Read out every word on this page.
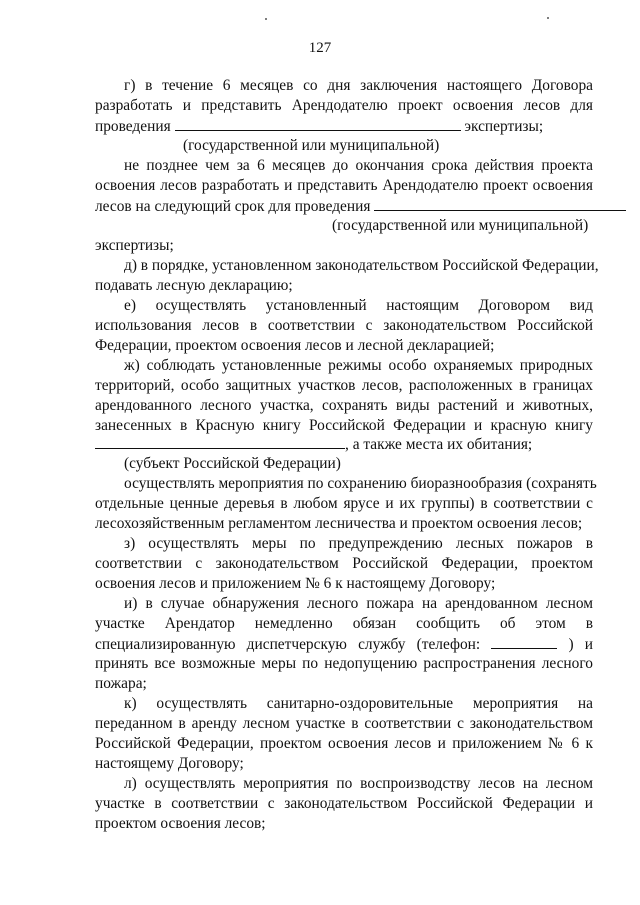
127
г) в течение 6 месяцев со дня заключения настоящего Договора
разработать и представить Арендодателю проект освоения лесов для
проведения	экспертизы;
(государственной или муниципальной)
не позднее чем за 6 месяцев до окончания срока действия проекта
освоения лесов разработать и представить Арендодателю проект освоения
лесов на следующий срок для проведения
(государственной или муниципальной)
экспертизы;
д) в порядке, установленном законодательством Российской Федерации,
подавать лесную декларацию;
е) осуществлять установленный настоящим Договором вид
использования лесов в соответствии с законодательством Российской
Федерации, проектом освоения лесов и лесной декларацией;
ж) соблюдать установленные режимы особо охраняемых природных
территорий, особо защитных участков лесов, расположенных в границах
арендованного лесного участка, сохранять виды растений и животных,
занесенных в Красную книгу Российской Федерации и красную книгу
, а также места их обитания;
(субъект Российской Федерации)
осуществлять мероприятия по сохранению биоразнообразия (сохранять
отдельные ценные деревья в любом ярусе и их группы) в соответствии с
лесохозяйственным регламентом лесничества и проектом освоения лесов;
з) осуществлять меры по предупреждению лесных пожаров в
соответствии с законодательством Российской Федерации, проектом
освоения лесов и приложением № 6 к настоящему Договору;
и) в случае обнаружения лесного пожара на арендованном лесном
участке Арендатор немедленно обязан сообщить об этом в
специализированную диспетчерскую службу (телефон:	) и
принять все возможные меры по недопущению распространения лесного
пожара;
к) осуществлять санитарно-оздоровительные мероприятия на
переданном в аренду лесном участке в соответствии с законодательством
Российской Федерации, проектом освоения лесов и приложением № 6 к
настоящему Договору;
л) осуществлять мероприятия по воспроизводству лесов на лесном
участке в соответствии с законодательством Российской Федерации и
проектом освоения лесов;
